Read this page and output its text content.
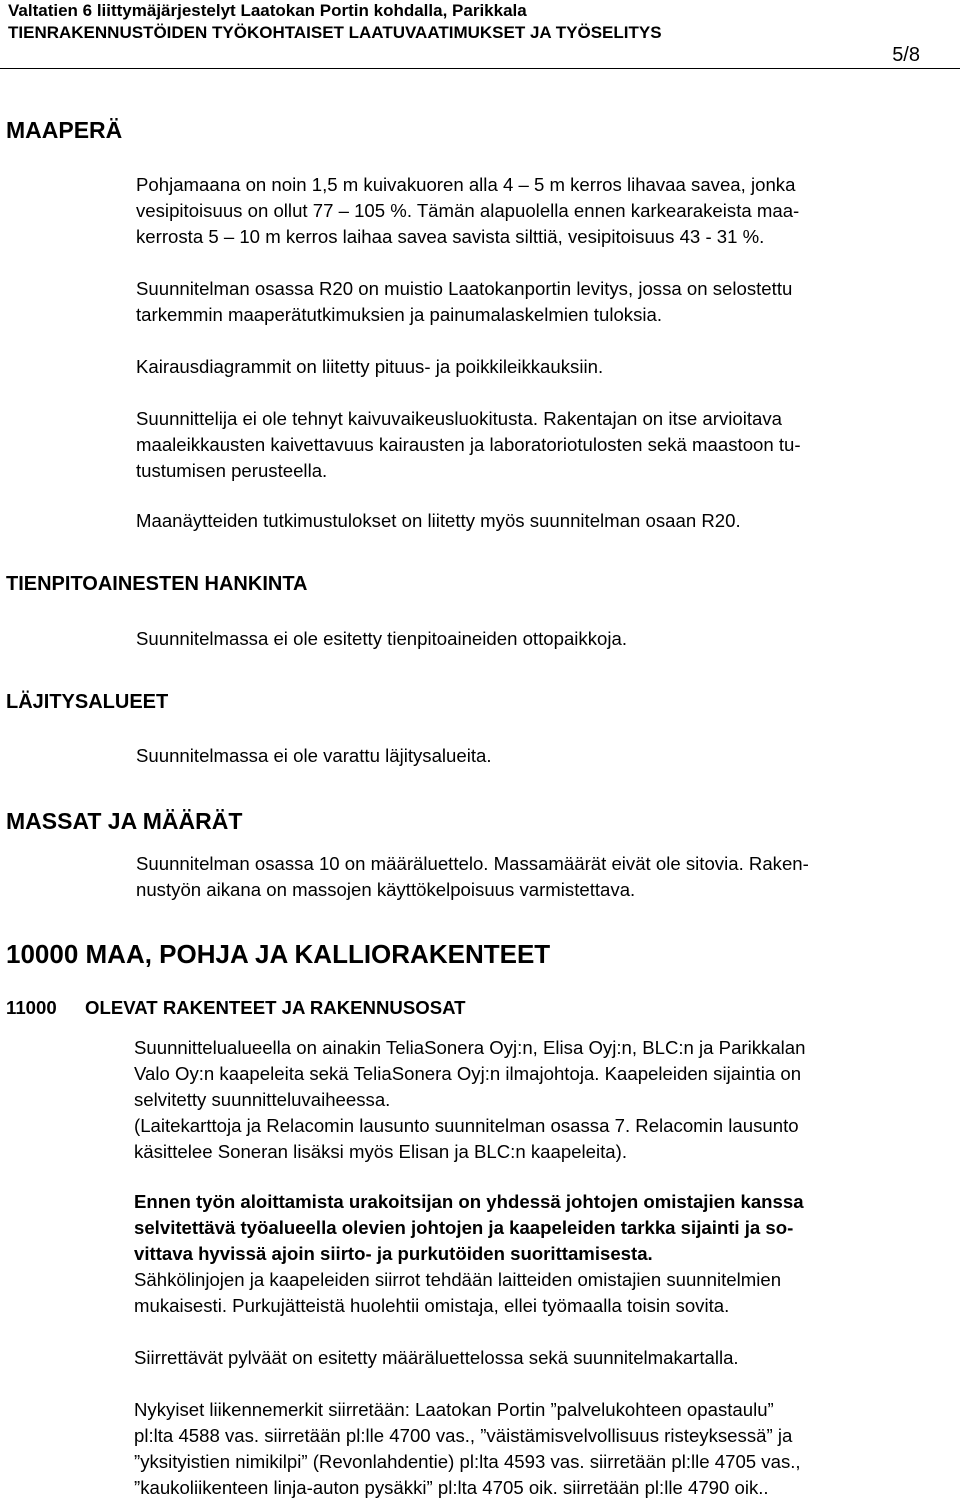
Valtatien 6 liittymäjärjestelyt Laatokan Portin kohdalla, Parikkala
TIENRAKENNUSTÖIDEN TYÖKOHTAISET LAATUVAATIMUKSET JA TYÖSELITYS
5/8
MAAPERÄ
Pohjamaana on noin 1,5 m kuivakuoren alla 4 – 5 m kerros lihavaa savea, jonka
vesipitoisuus on ollut 77 – 105 %. Tämän alapuolella ennen karkearakeista maa-
kerrosta 5 – 10 m kerros laihaa savea savista silttiä, vesipitoisuus 43 - 31 %.
Suunnitelman osassa R20 on muistio Laatokanportin levitys, jossa on selostettu
tarkemmin maaperätutkimuksien ja painumalaskelmien tuloksia.
Kairausdiagrammit on liitetty pituus- ja poikkileikkauksiin.
Suunnittelija ei ole tehnyt kaivuvaikeusluokitusta. Rakentajan on itse arvioitava
maaleikkausten kaivettavuus kairausten ja laboratoriotulosten sekä maastoon tu-
tustumisen perusteella.
Maanäytteiden tutkimustulokset on liitetty myös suunnitelman osaan R20.
TIENPITOAINESTEN HANKINTA
Suunnitelmassa ei ole esitetty tienpitoaineiden ottopaikkoja.
LÄJITYSALUEET
Suunnitelmassa ei ole varattu läjitysalueita.
MASSAT JA MÄÄRÄT
Suunnitelman osassa 10 on määräluettelo. Massamäärät eivät ole sitovia. Raken-
nustyön aikana on massojen käyttökelpoisuus varmistettava.
10000 MAA, POHJA JA KALLIORAKENTEET
11000 OLEVAT RAKENTEET JA RAKENNUSOSAT
Suunnittelualueella on ainakin TeliaSonera Oyj:n, Elisa Oyj:n, BLC:n ja Parikkalan
Valo Oy:n kaapeleita sekä TeliaSonera Oyj:n ilmajohtoja. Kaapeleiden sijaintia on
selvitetty suunnitteluvaiheessa.
(Laitekarttoja ja Relacomin lausunto suunnitelman osassa 7. Relacomin lausunto
käsittelee Soneran lisäksi myös Elisan ja BLC:n kaapeleita).
Ennen työn aloittamista urakoitsijan on yhdessä johtojen omistajien kanssa
selvitettävä työalueella olevien johtojen ja kaapeleiden tarkka sijainti ja so-
vittava hyvissä ajoin siirto- ja purkutöiden suorittamisesta.
Sähkölinjojen ja kaapeleiden siirrot tehdään laitteiden omistajien suunnitelmien
mukaisesti. Purkujätteistä huolehtii omistaja, ellei työmaalla toisin sovita.
Siirrettävät pylväät on esitetty määräluettelossa sekä suunnitelmakartalla.
Nykyiset liikennemerkit siirretään: Laatokan Portin ”palvelukohteen opastaulu”
pl:lta 4588 vas. siirretään pl:lle 4700 vas., ”väistämisvelvollisuus risteyksessä” ja
”yksityistien nimikilpi” (Revonlahdentie) pl:lta 4593 vas. siirretään pl:lle 4705 vas.,
”kaukoliikenteen linja-auton pysäkki” pl:lta 4705 oik. siirretään pl:lle 4790 oik..
